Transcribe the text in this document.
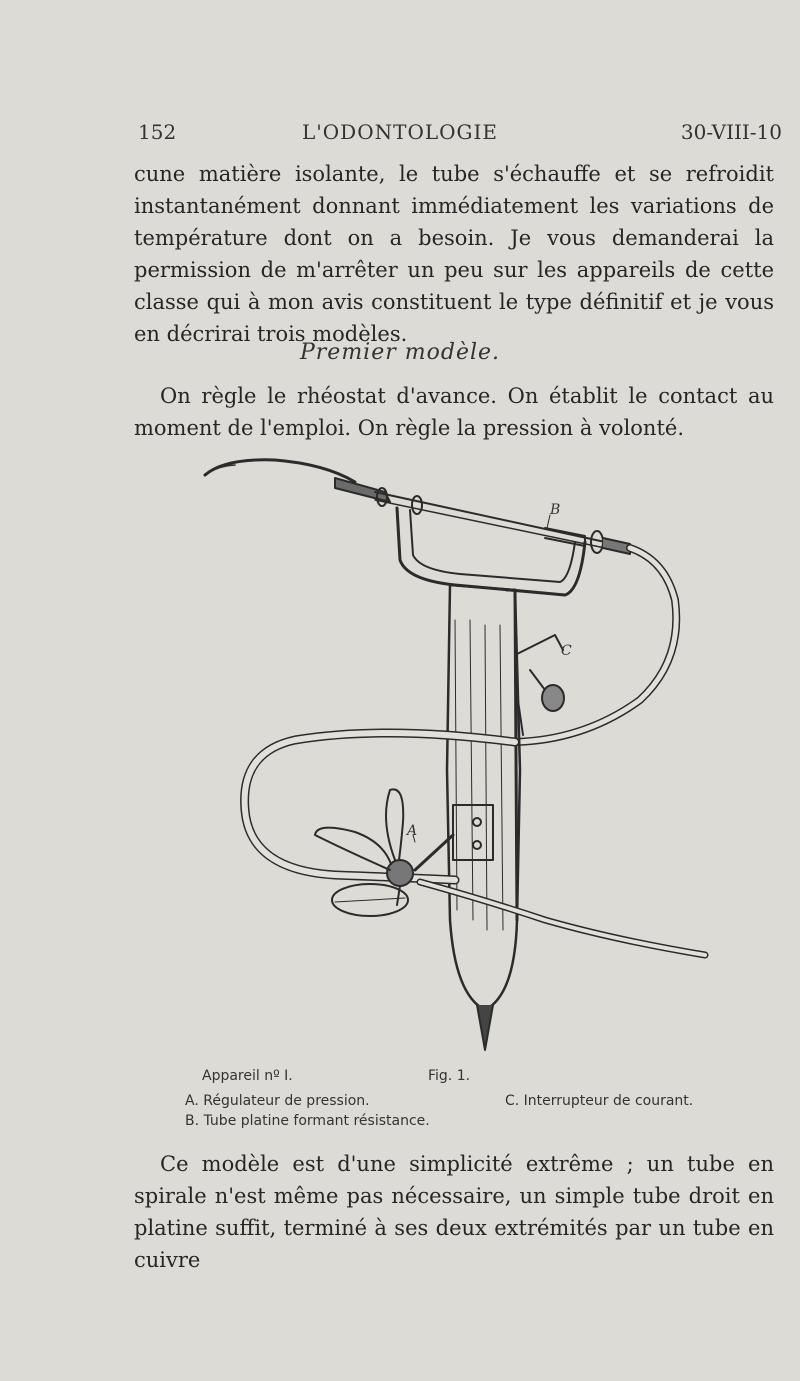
152	L'ODONTOLOGIE	30-VIII-10

cune matière isolante, le tube s'échauffe et se refroidit instantanément donnant immédiatement les variations de température dont on a besoin. Je vous demanderai la permission de m'arrêter un peu sur les appareils de cette classe qui à mon avis constituent le type définitif et je vous en décrirai trois modèles.

Premier modèle.

On règle le rhéostat d'avance. On établit le contact au moment de l'emploi. On règle la pression à volonté.

B
C
A
Appareil nº I.	Fig. 1.
A. Régulateur de pression.	C. Interrupteur de courant.
B. Tube platine formant résistance.

Ce modèle est d'une simplicité extrême ; un tube en spirale n'est même pas nécessaire, un simple tube droit en platine suffit, terminé à ses deux extrémités par un tube en cuivre
